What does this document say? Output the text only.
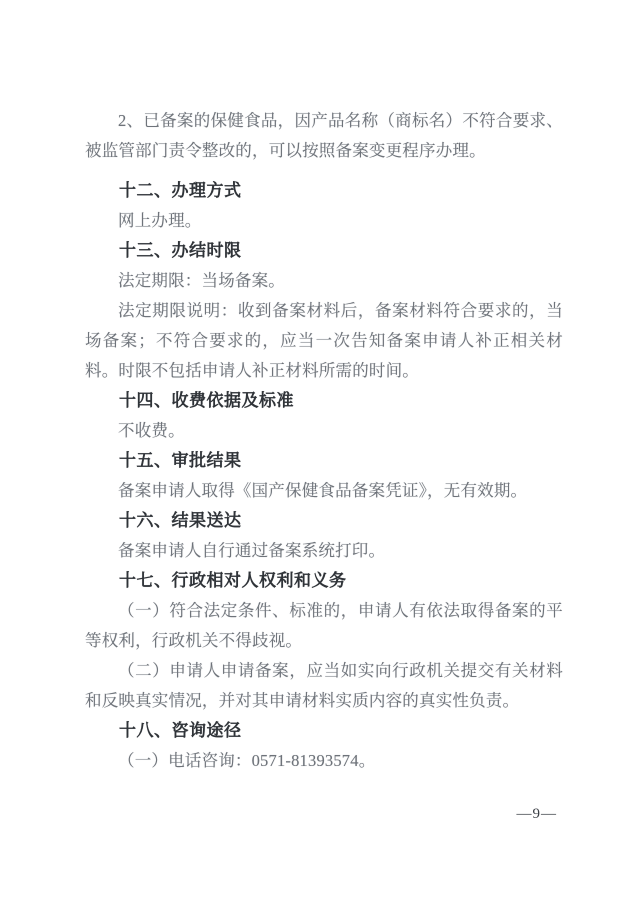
2、已备案的保健食品，因产品名称（商标名）不符合要求、被监管部门责令整改的，可以按照备案变更程序办理。

十二、办理方式

网上办理。

十三、办结时限

法定期限：当场备案。

法定期限说明：收到备案材料后，备案材料符合要求的，当场备案；不符合要求的，应当一次告知备案申请人补正相关材料。时限不包括申请人补正材料所需的时间。

十四、收费依据及标准

不收费。

十五、审批结果

备案申请人取得《国产保健食品备案凭证》，无有效期。

十六、结果送达

备案申请人自行通过备案系统打印。

十七、行政相对人权利和义务

（一）符合法定条件、标准的，申请人有依法取得备案的平等权利，行政机关不得歧视。

（二）申请人申请备案，应当如实向行政机关提交有关材料和反映真实情况，并对其申请材料实质内容的真实性负责。

十八、咨询途径

（一）电话咨询：0571-81393574。

—9—
